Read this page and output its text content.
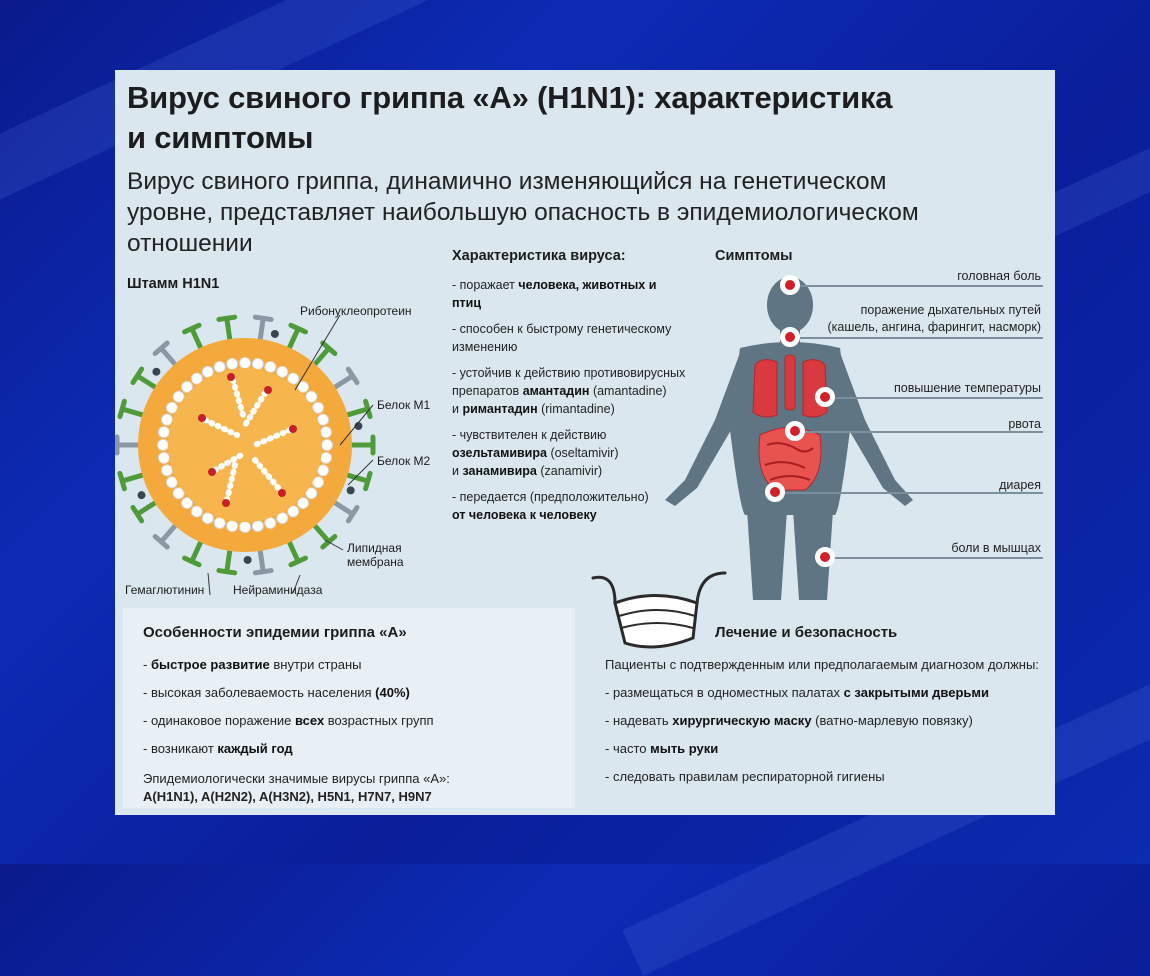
Вирус свиного гриппа «А» (H1N1): характеристика
и симптомы
Вирус свиного гриппа, динамично изменяющийся на генетическом
уровне, представляет наибольшую опасность в эпидемиологическом
отношении
Штамм H1N1
Рибонуклеопротеин
Белок М1
Белок М2
Липидная
мембрана
Гемаглютинин Нейраминидаза
Характеристика вируса:
- поражает человека, животных и
птиц
- способен к быстрому генетическому
изменению
- устойчив к действию противовирусных
препаратов амантадин (amantadine)
и римантадин (rimantadine)
- чувствителен к действию
озельтамивира (oseltamivir)
и занамивира (zanamivir)
- передается (предположительно)
от человека к человеку
Симптомы
Особенности эпидемии гриппа «А»
- быстрое развитие внутри страны
- высокая заболеваемость населения (40%)
- одинаковое поражение всех возрастных групп
- возникают каждый год
Эпидемиологически значимые вирусы гриппа «А»:
A(H1N1), A(H2N2), A(H3N2), H5N1, H7N7, H9N7
Лечение и безопасность
Пациенты с подтвержденным или предполагаемым диагнозом должны:
- размещаться в одноместных палатах с закрытыми дверьми
- надевать хирургическую маску (ватно-марлевую повязку)
- часто мыть руки
- следовать правилам респираторной гигиены
головная боль
поражение дыхательных путей
(кашель, ангина, фарингит, насморк)
повышение температуры
рвота
диарея
боли в мышцах
